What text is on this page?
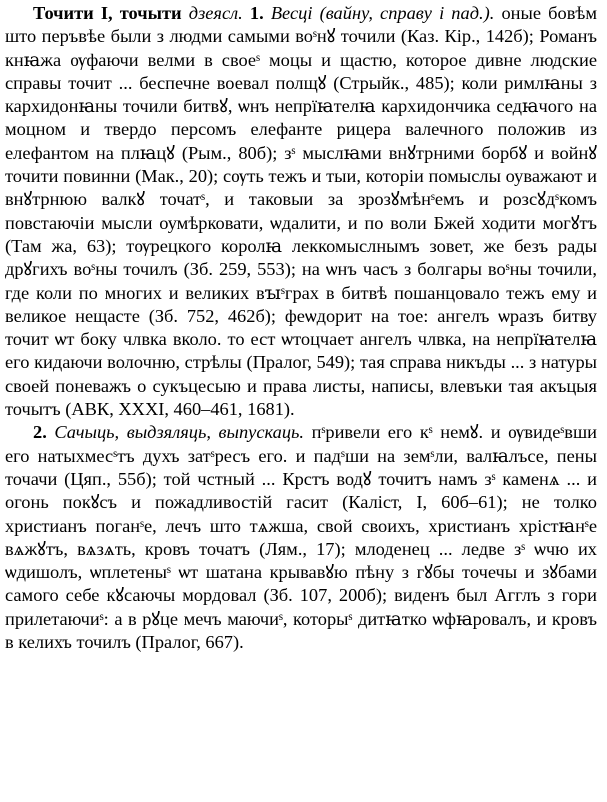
Точити I, точыти дзеясл. 1. Весці (вайну, справу і пад.). оные бовѣм што перъвѣе были з людми самыми воˢнꙋ точили (Каз. Кір., 142б); Романъ кнꙗжа ѹфаючи велми в своеˢ моцы и щастю, которое дивне людские справы точит ... беспечне воевал полщꙋ (Стрыйк., 485); коли римлꙗны з кархидонꙗны точили битвꙋ, ѡнъ непрїꙗтелꙗ кархидончика седꙗчого на моцном и твердо персомъ елефанте рицера валечного положив из елефантом на плꙗцꙋ (Рым., 80б); зˢ мыслꙗми внꙋтрними борбꙋ и войнꙋ точити повинни (Мак., 20); сѹть тежъ и тыи, которіи помыслы оуважают и внꙋтрнюю валкꙋ точатˢ, и таковыи за зрозꙋмѣнˢемъ и розсꙋдˢкомъ повстаючіи мысли оумѣрковати, ѡдалити, и по воли Бжей ходити могꙋтъ (Там жа, 63); тѹрецкого королꙗ леккомыслнымъ зовет, же безъ рады дрꙋгихъ воˢны точилъ (Зб. 259, 553); на ѡнъ часъ з болгары воˢны точили, где коли по многих и великих вꙑˢграх в битвѣ пошанцовало тежъ ему и великое нещасте (Зб. 752, 462б); феѡдорит на тое: ангелъ ѡразъ битву точит ѡт боку члвка вколо. то ест ѡтоцчает ангелъ члвка, на непрїꙗтелꙗ его кидаючи волочню, стрѣлы (Пралог, 549); тая справа никъды ... з натуры своей поневажъ о сукъцесыю и права листы, написы, влевъки тая акъцыя точытъ (АВК, XXXI, 460–461, 1681).

2. Сачыць, выдзяляць, выпускаць. пˢривели его кˢ немꙋ. и ѹвидеˢвши его натыхмесˢтъ духъ затˢресъ его. и падˢши на земˢли, валꙗлъсе, пены точачи (Цяп., 55б); той чстный ... Крстъ водꙋ точитъ намъ зˢ каменѧ ... и огонь покꙋсъ и пожадливостій гасит (Каліст, I, 60б–61); не толко христианъ поганˢе, лечъ што тѧжша, свой своихъ, христианъ хрістꙗнˢе вѧжꙋтъ, вѧзѧть, кровъ точатъ (Лям., 17); млоденец ... ледве зˢ ѡчю их ѡдишолъ, ѡплетеныˢ ѡт шатана крывавꙋю пѣну з гꙋбы точечы и зꙋбами самого себе кꙋсаючы мордовал (Зб. 107, 200б); виденъ был Агглъ з гори прилетаючиˢ: а в рꙋце мечъ маючиˢ, которыˢ дитꙗтко ѡфꙗровалъ, и кровъ в келихъ точилъ (Пралог, 667).
